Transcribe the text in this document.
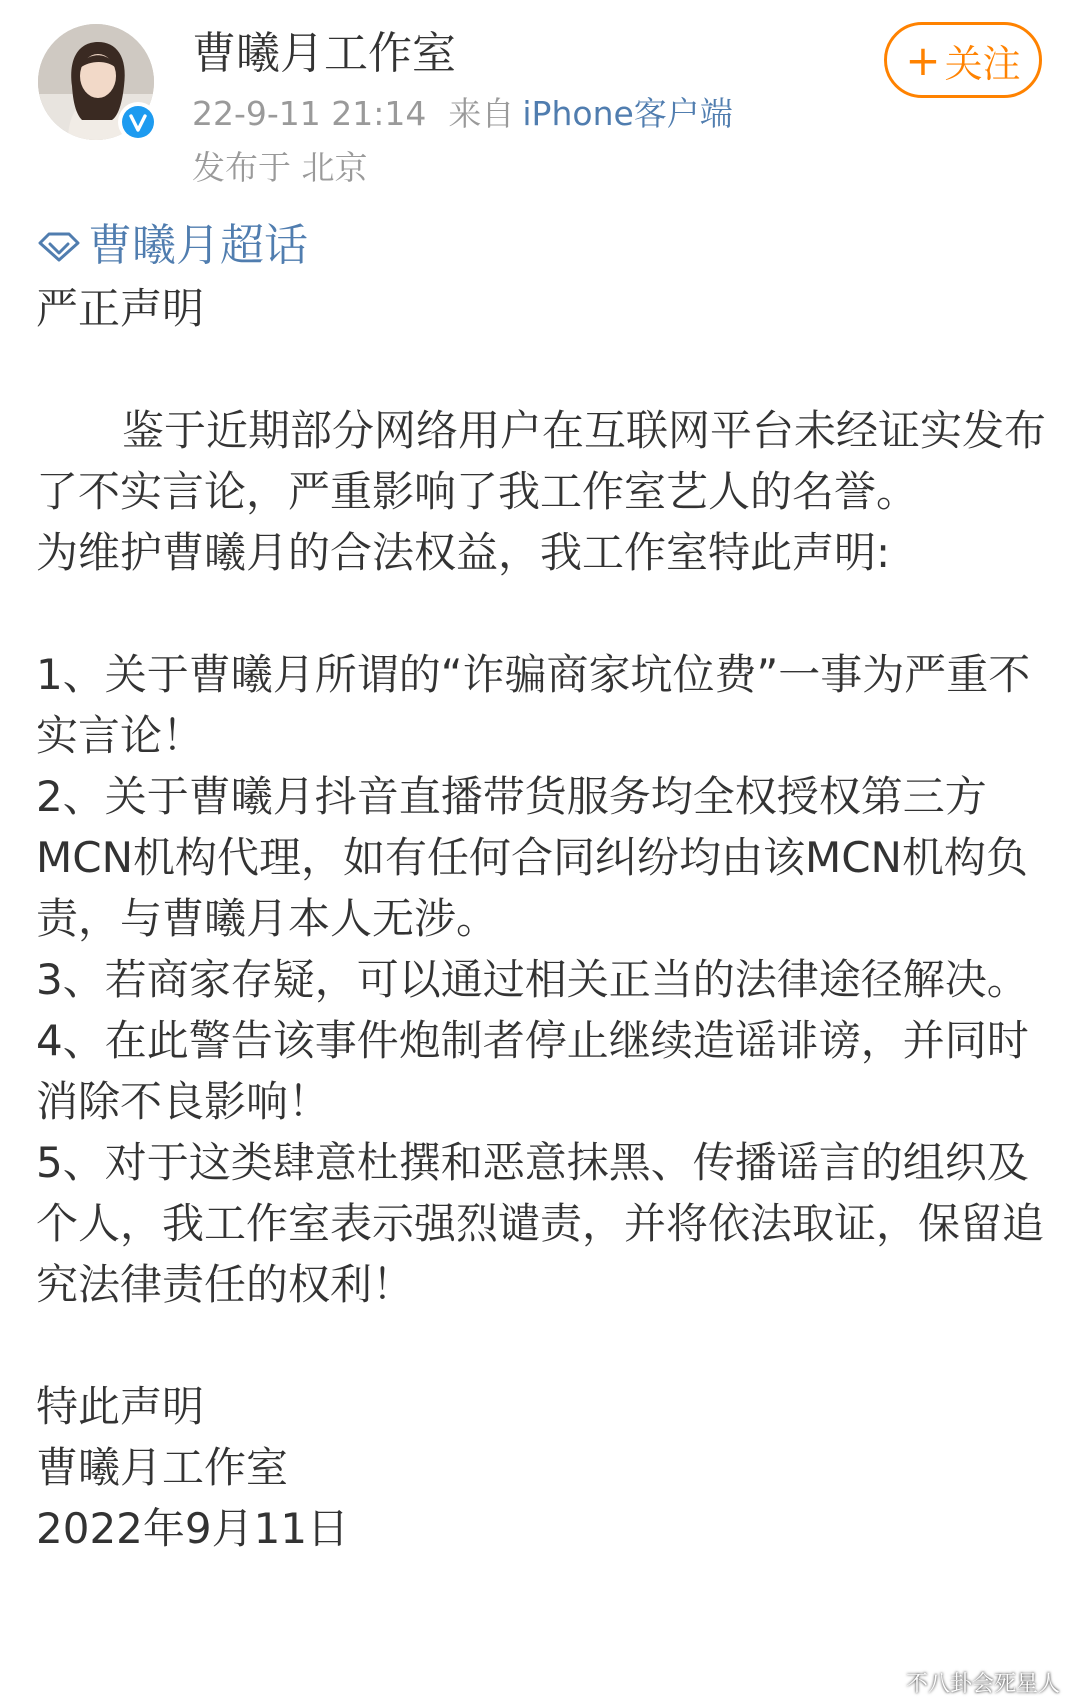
曹曦月工作室
22-9-11 21:14 来自 iPhone客户端
发布于 北京
+ 关注
曹曦月超话

严正声明

鉴于近期部分网络用户在互联网平台未经证实发布了不实言论，严重影响了我工作室艺人的名誉。

为维护曹曦月的合法权益，我工作室特此声明:

1、关于曹曦月所谓的“诈骗商家坑位费”一事为严重不实言论！

2、关于曹曦月抖音直播带货服务均全权授权第三方MCN机构代理，如有任何合同纠纷均由该MCN机构负责，与曹曦月本人无涉。

3、若商家存疑，可以通过相关正当的法律途径解决。

4、在此警告该事件炮制者停止继续造谣诽谤，并同时消除不良影响！

5、对于这类肆意杜撰和恶意抹黑、传播谣言的组织及个人，我工作室表示强烈谴责，并将依法取证，保留追究法律责任的权利！

特此声明

曹曦月工作室

2022年9月11日

不八卦会死星人
